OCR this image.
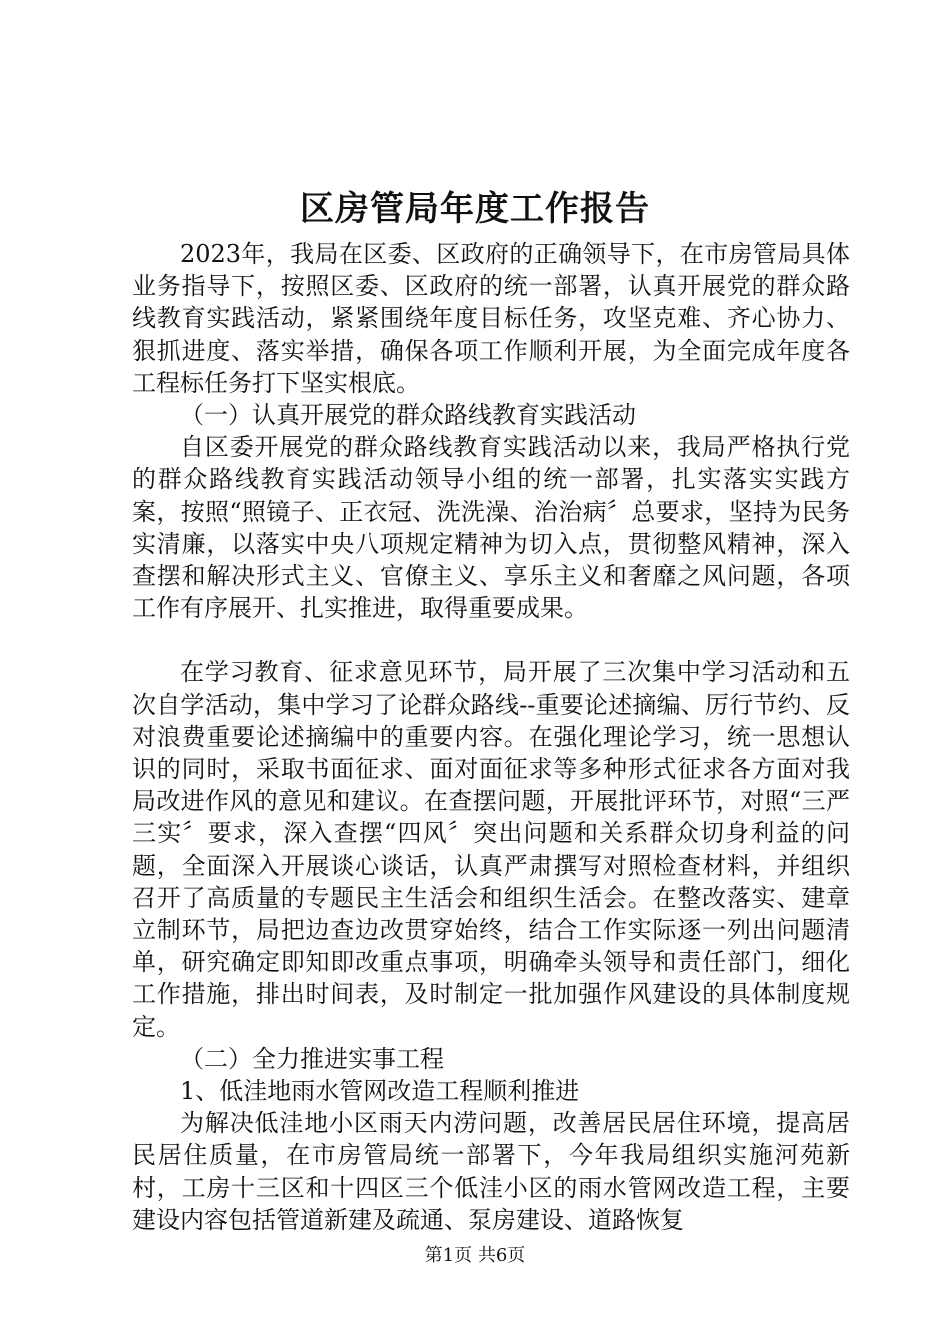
区房管局年度工作报告

2023年，我局在区委、区政府的正确领导下，在市房管局具体业务指导下，按照区委、区政府的统一部署，认真开展党的群众路线教育实践活动，紧紧围绕年度目标任务，攻坚克难、齐心协力、狠抓进度、落实举措，确保各项工作顺利开展，为全面完成年度各工程标任务打下坚实根底。

（一）认真开展党的群众路线教育实践活动

自区委开展党的群众路线教育实践活动以来，我局严格执行党的群众路线教育实践活动领导小组的统一部署，扎实落实实践方案，按照“照镜子、正衣冠、洗洗澡、治治病〞总要求，坚持为民务实清廉，以落实中央八项规定精神为切入点，贯彻整风精神，深入查摆和解决形式主义、官僚主义、享乐主义和奢靡之风问题，各项工作有序展开、扎实推进，取得重要成果。

在学习教育、征求意见环节，局开展了三次集中学习活动和五次自学活动，集中学习了论群众路线--重要论述摘编、厉行节约、反对浪费重要论述摘编中的重要内容。在强化理论学习，统一思想认识的同时，采取书面征求、面对面征求等多种形式征求各方面对我局改进作风的意见和建议。在查摆问题，开展批评环节，对照“三严三实〞要求，深入查摆“四风〞突出问题和关系群众切身利益的问题，全面深入开展谈心谈话，认真严肃撰写对照检查材料，并组织召开了高质量的专题民主生活会和组织生活会。在整改落实、建章立制环节，局把边查边改贯穿始终，结合工作实际逐一列出问题清单，研究确定即知即改重点事项，明确牵头领导和责任部门，细化工作措施，排出时间表，及时制定一批加强作风建设的具体制度规定。

（二）全力推进实事工程

1、低洼地雨水管网改造工程顺利推进

为解决低洼地小区雨天内涝问题，改善居民居住环境，提高居民居住质量，在市房管局统一部署下，今年我局组织实施河苑新村，工房十三区和十四区三个低洼小区的雨水管网改造工程，主要建设内容包括管道新建及疏通、泵房建设、道路恢复

第1页 共6页
